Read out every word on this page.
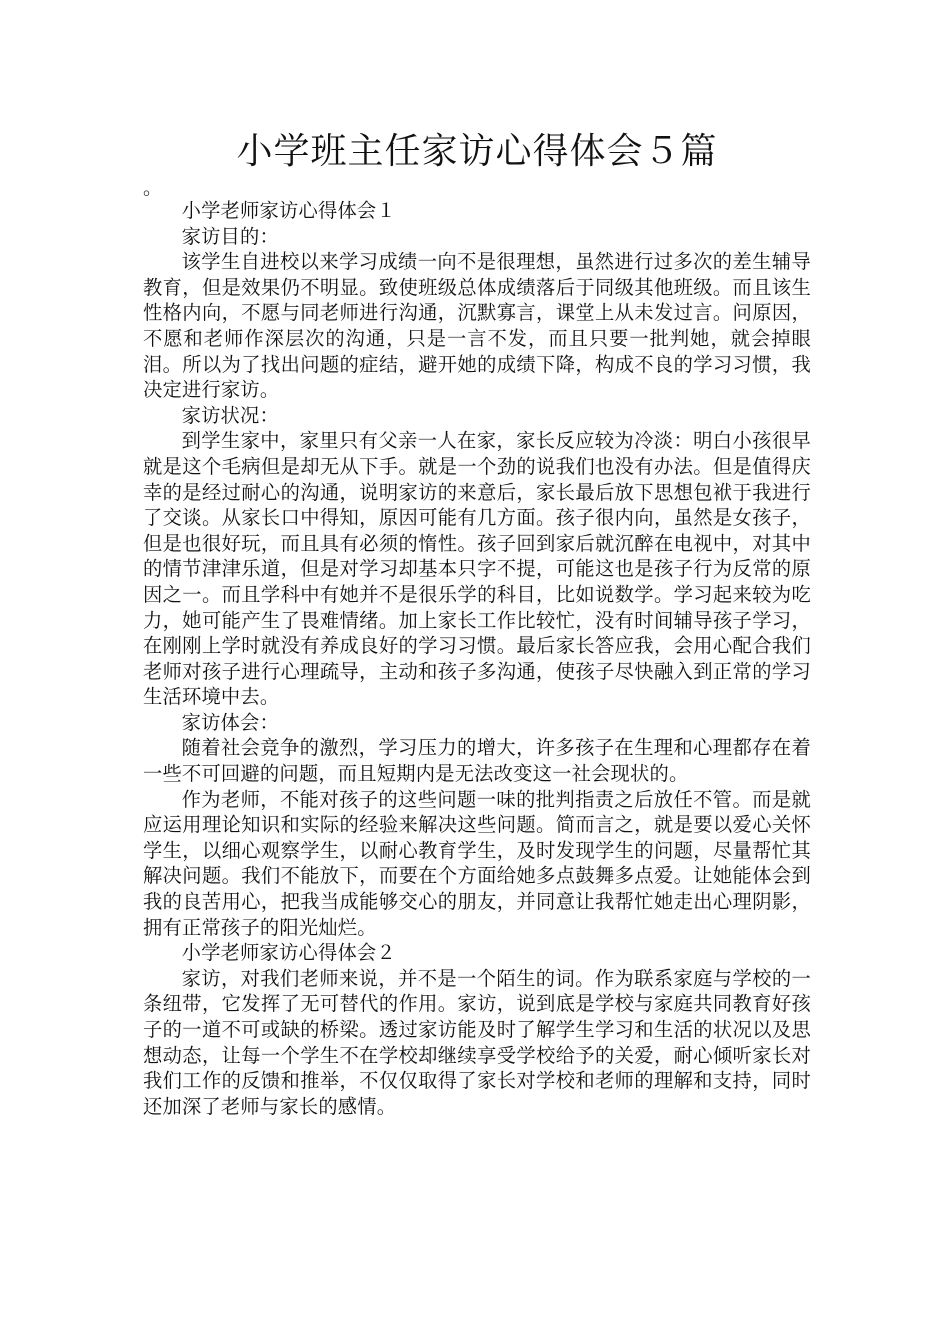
小学班主任家访心得体会５篇

。

小学老师家访心得体会１

家访目的：

该学生自进校以来学习成绩一向不是很理想，虽然进行过多次的差生辅导教育，但是效果仍不明显。致使班级总体成绩落后于同级其他班级。而且该生性格内向，不愿与同老师进行沟通，沉默寡言，课堂上从未发过言。问原因，不愿和老师作深层次的沟通，只是一言不发，而且只要一批判她，就会掉眼泪。所以为了找出问题的症结，避开她的成绩下降，构成不良的学习习惯，我决定进行家访。

家访状况：

到学生家中，家里只有父亲一人在家，家长反应较为冷淡：明白小孩很早就是这个毛病但是却无从下手。就是一个劲的说我们也没有办法。但是值得庆幸的是经过耐心的沟通，说明家访的来意后，家长最后放下思想包袱于我进行了交谈。从家长口中得知，原因可能有几方面。孩子很内向，虽然是女孩子，但是也很好玩，而且具有必须的惰性。孩子回到家后就沉醉在电视中，对其中的情节津津乐道，但是对学习却基本只字不提，可能这也是孩子行为反常的原因之一。而且学科中有她并不是很乐学的科目，比如说数学。学习起来较为吃力，她可能产生了畏难情绪。加上家长工作比较忙，没有时间辅导孩子学习，在刚刚上学时就没有养成良好的学习习惯。最后家长答应我，会用心配合我们老师对孩子进行心理疏导，主动和孩子多沟通，使孩子尽快融入到正常的学习生活环境中去。

家访体会：

随着社会竞争的激烈，学习压力的增大，许多孩子在生理和心理都存在着一些不可回避的问题，而且短期内是无法改变这一社会现状的。

作为老师，不能对孩子的这些问题一味的批判指责之后放任不管。而是就应运用理论知识和实际的经验来解决这些问题。简而言之，就是要以爱心关怀学生，以细心观察学生，以耐心教育学生，及时发现学生的问题，尽量帮忙其解决问题。我们不能放下，而要在个方面给她多点鼓舞多点爱。让她能体会到我的良苦用心，把我当成能够交心的朋友，并同意让我帮忙她走出心理阴影，拥有正常孩子的阳光灿烂。

小学老师家访心得体会２

家访，对我们老师来说，并不是一个陌生的词。作为联系家庭与学校的一条纽带，它发挥了无可替代的作用。家访，说到底是学校与家庭共同教育好孩子的一道不可或缺的桥梁。透过家访能及时了解学生学习和生活的状况以及思想动态，让每一个学生不在学校却继续享受学校给予的关爱，耐心倾听家长对我们工作的反馈和推举，不仅仅取得了家长对学校和老师的理解和支持，同时还加深了老师与家长的感情。
